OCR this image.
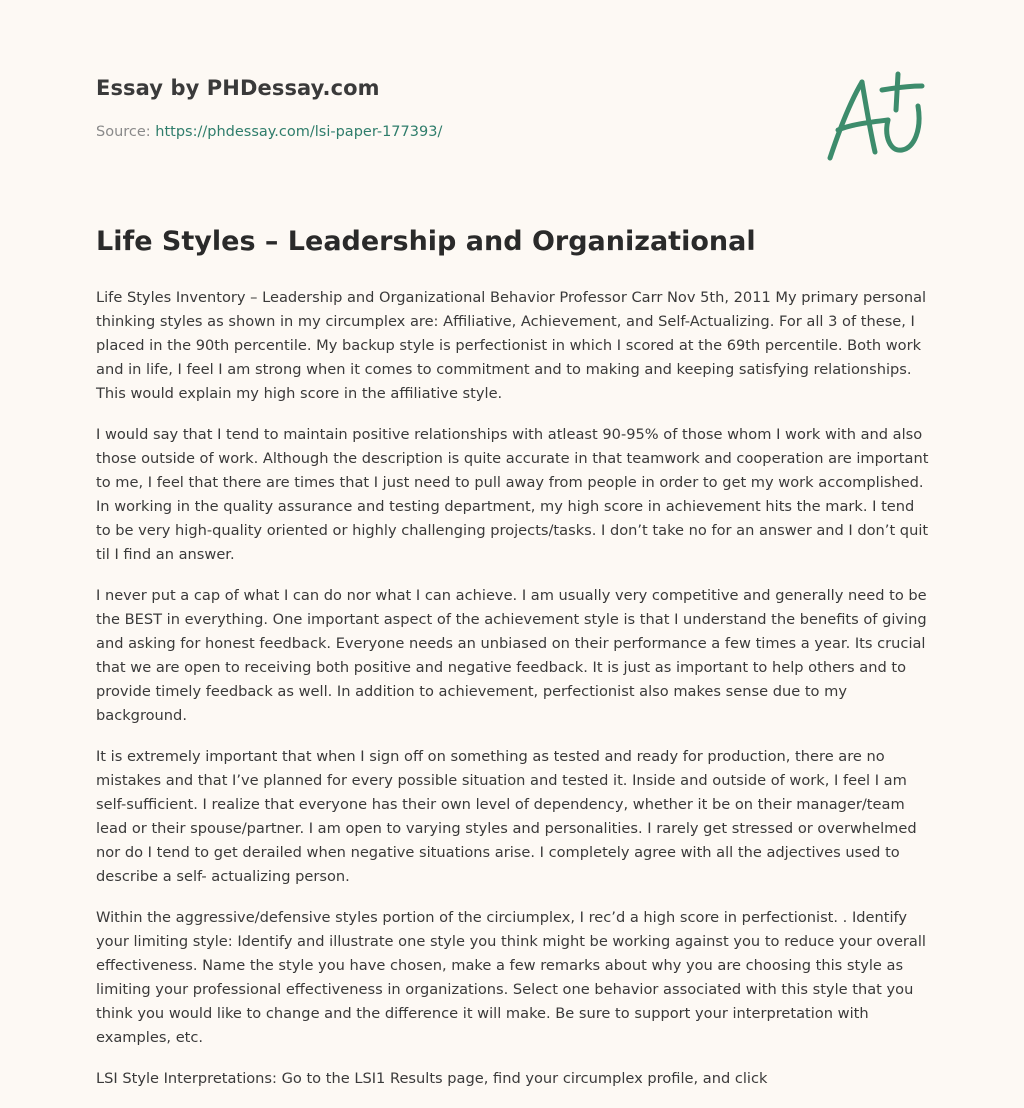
Essay by PHDessay.com
Source: https://phdessay.com/lsi-paper-177393/
Life Styles – Leadership and Organizational

Life Styles Inventory – Leadership and Organizational Behavior Professor Carr Nov 5th, 2011 My primary personal thinking styles as shown in my circumplex are: Affiliative, Achievement, and Self-Actualizing. For all 3 of these, I placed in the 90th percentile. My backup style is perfectionist in which I scored at the 69th percentile. Both work and in life, I feel I am strong when it comes to commitment and to making and keeping satisfying relationships. This would explain my high score in the affiliative style.

I would say that I tend to maintain positive relationships with atleast 90-95% of those whom I work with and also those outside of work. Although the description is quite accurate in that teamwork and cooperation are important to me, I feel that there are times that I just need to pull away from people in order to get my work accomplished. In working in the quality assurance and testing department, my high score in achievement hits the mark. I tend to be very high-quality oriented or highly challenging projects/tasks. I don’t take no for an answer and I don’t quit til I find an answer.

I never put a cap of what I can do nor what I can achieve. I am usually very competitive and generally need to be the BEST in everything. One important aspect of the achievement style is that I understand the benefits of giving and asking for honest feedback. Everyone needs an unbiased on their performance a few times a year. Its crucial that we are open to receiving both positive and negative feedback. It is just as important to help others and to provide timely feedback as well. In addition to achievement, perfectionist also makes sense due to my background.

It is extremely important that when I sign off on something as tested and ready for production, there are no mistakes and that I’ve planned for every possible situation and tested it. Inside and outside of work, I feel I am self-sufficient. I realize that everyone has their own level of dependency, whether it be on their manager/team lead or their spouse/partner. I am open to varying styles and personalities. I rarely get stressed or overwhelmed nor do I tend to get derailed when negative situations arise. I completely agree with all the adjectives used to describe a self- actualizing person.

Within the aggressive/defensive styles portion of the circiumplex, I rec’d a high score in perfectionist. . Identify your limiting style: Identify and illustrate one style you think might be working against you to reduce your overall effectiveness. Name the style you have chosen, make a few remarks about why you are choosing this style as limiting your professional effectiveness in organizations. Select one behavior associated with this style that you think you would like to change and the difference it will make. Be sure to support your interpretation with examples, etc.

LSI Style Interpretations: Go to the LSI1 Results page, find your circumplex profile, and click
